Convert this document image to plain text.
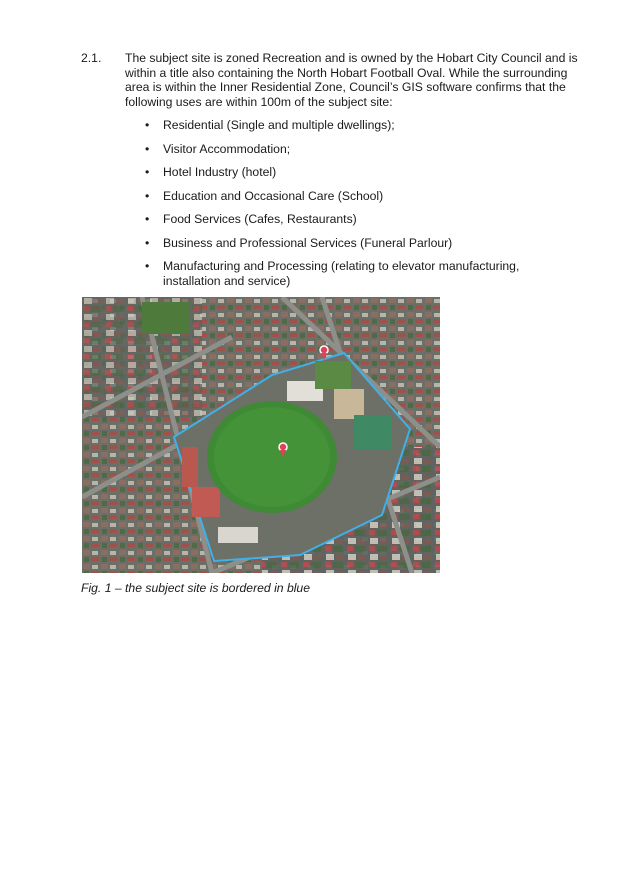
2.1. The subject site is zoned Recreation and is owned by the Hobart City Council and is within a title also containing the North Hobart Football Oval. While the surrounding area is within the Inner Residential Zone, Council’s GIS software confirms that the following uses are within 100m of the subject site:
• Residential (Single and multiple dwellings);
• Visitor Accommodation;
• Hotel Industry (hotel)
• Education and Occasional Care (School)
• Food Services (Cafes, Restaurants)
• Business and Professional Services (Funeral Parlour)
• Manufacturing and Processing (relating to elevator manufacturing, installation and service)
Fig. 1 – the subject site is bordered in blue
